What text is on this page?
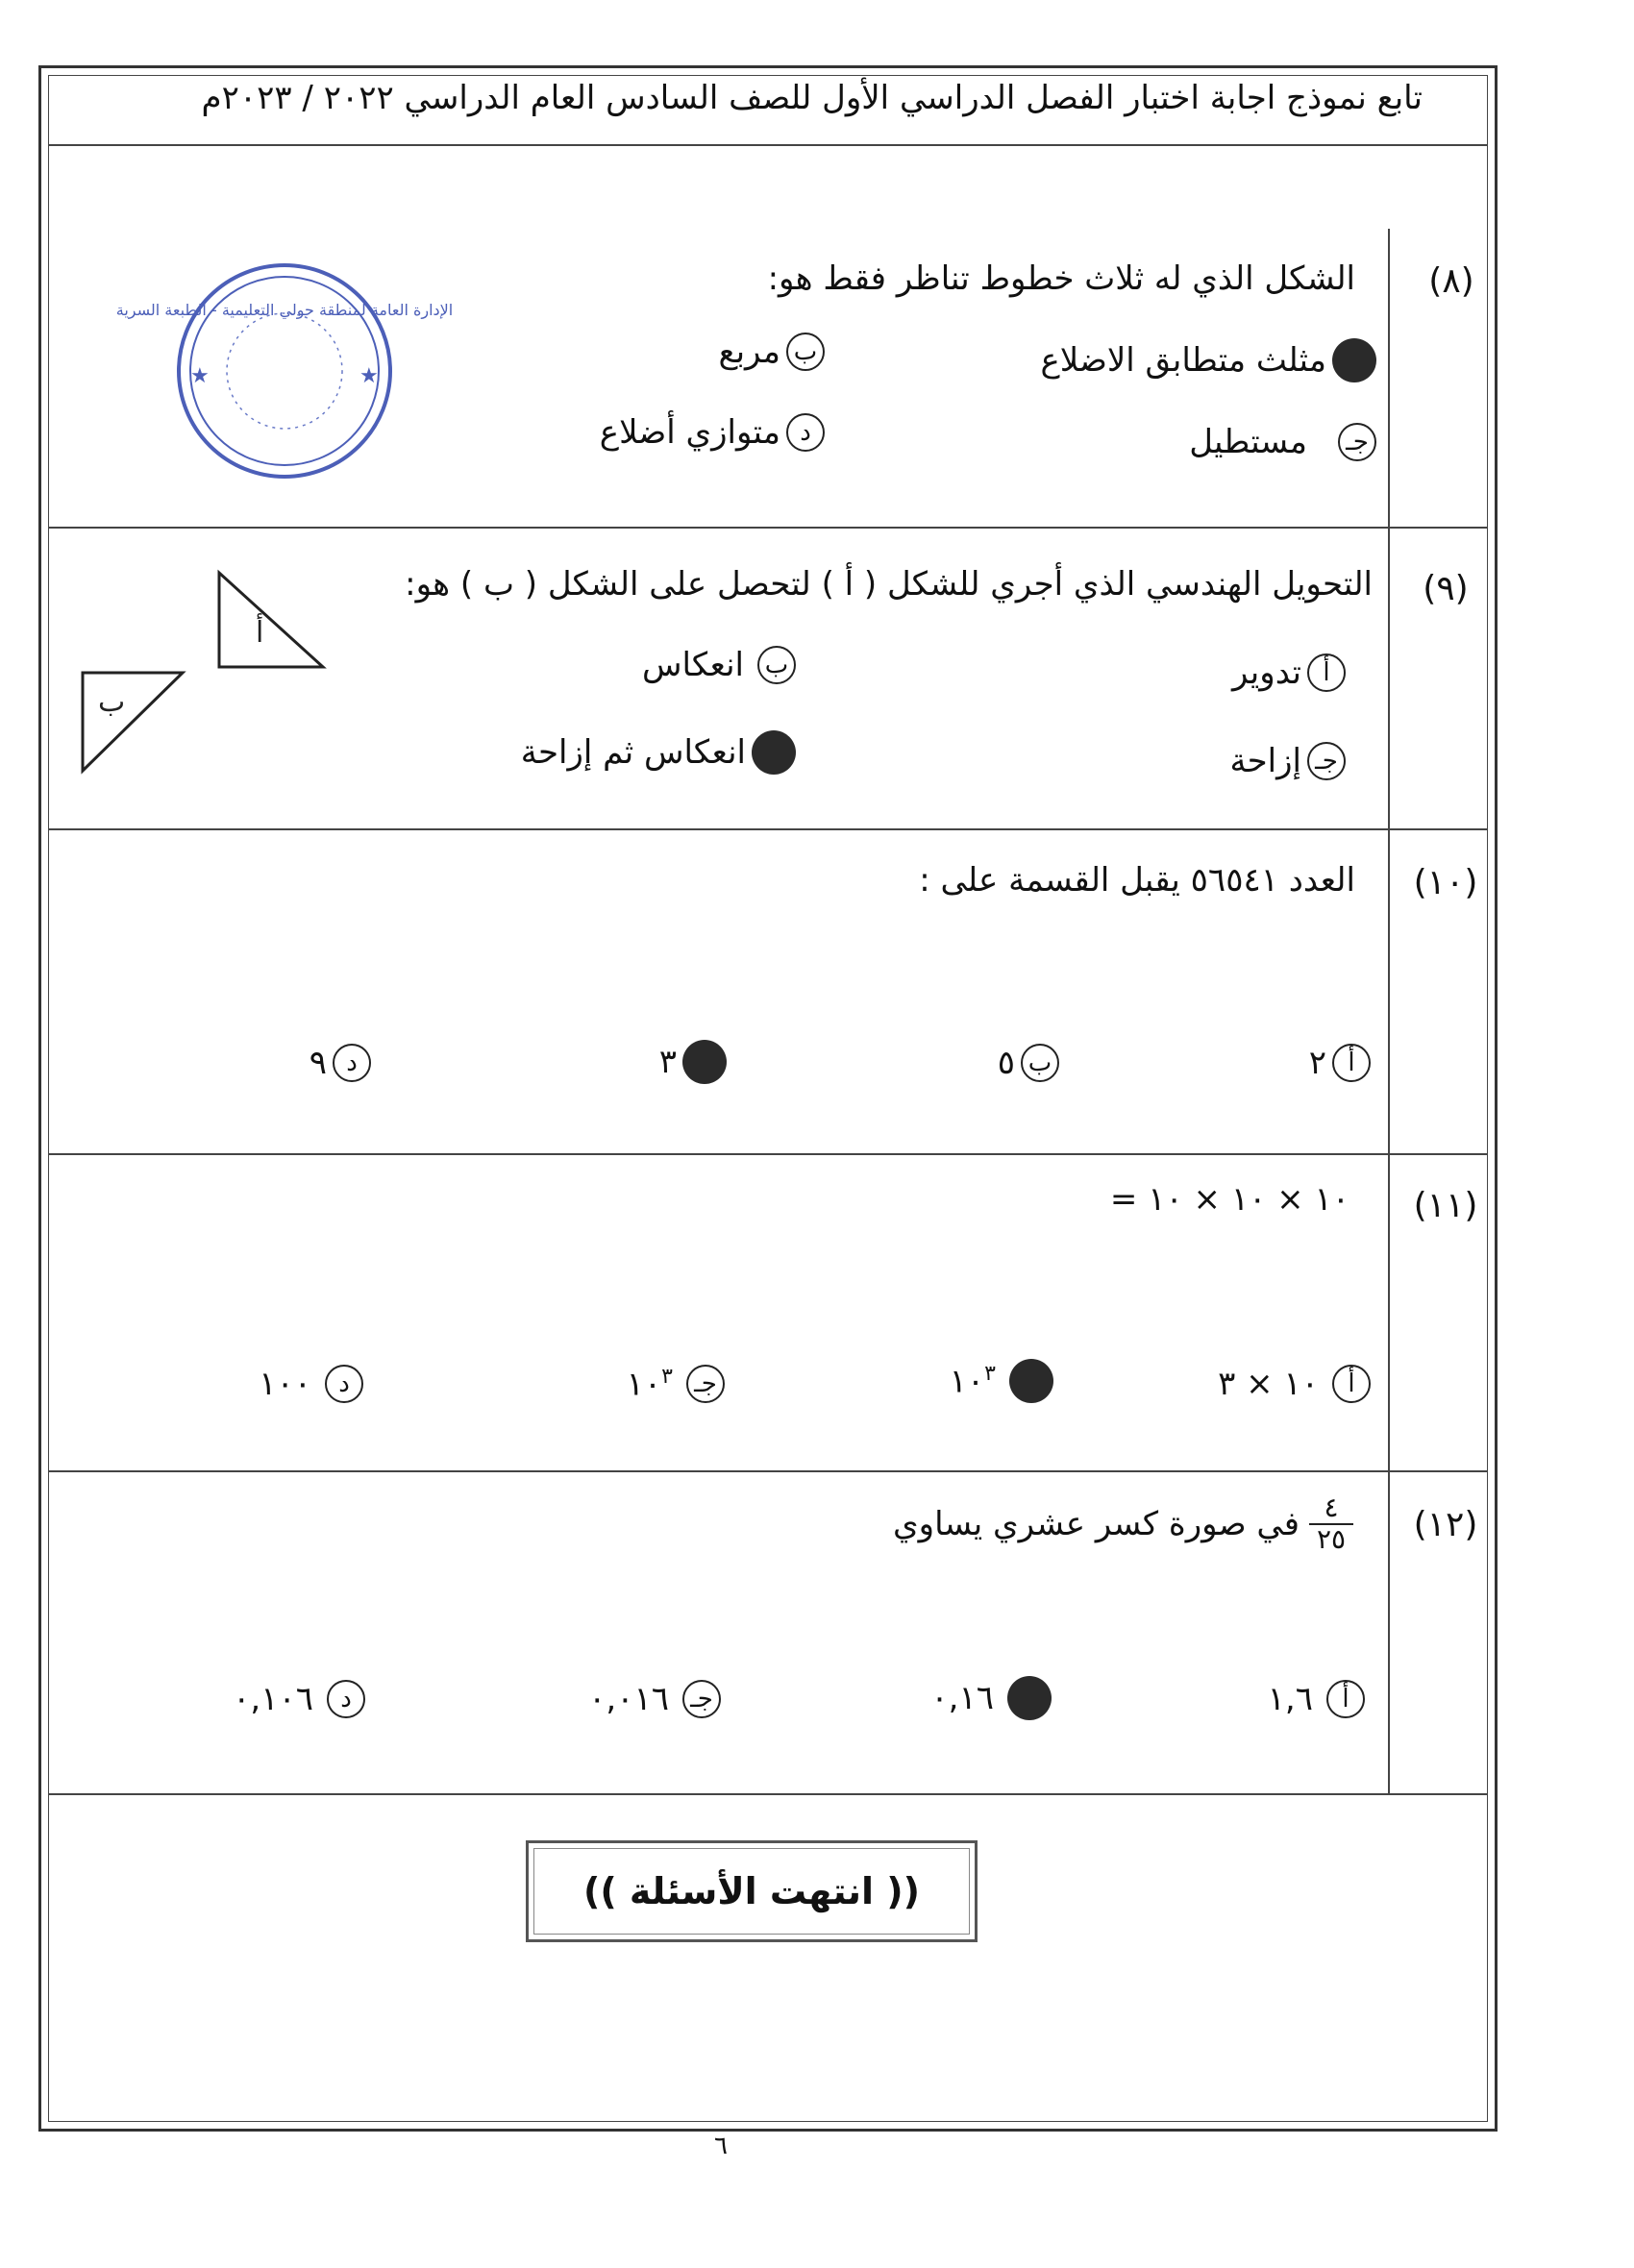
تابع نموذج اجابة اختبار الفصل الدراسي الأول للصف السادس العام الدراسي ٢٠٢٢ / ٢٠٢٣م
★	★
الإدارة العامة لمنطقة حولي التعليمية - الطبعة السرية
(٨)
الشكل الذي له ثلاث خطوط تناظر فقط هو:
مثلث متطابق الاضلاع
ب
مربع
جـ
مستطيل
د
متوازي أضلاع
(٩)
التحويل الهندسي الذي أجري للشكل ( أ ) لتحصل على الشكل ( ب ) هو:
أ
ب
أ
تدوير
ب
انعكاس
جـ
إزاحة
انعكاس ثم إزاحة
(١٠)
العدد ٥٦٥٤١ يقبل القسمة على :
أ
٢
ب
٥
٣
د
٩
(١١)
١٠ × ١٠ × ١٠ =
أ
١٠ × ٣
$١٠^٣$
جـ
$١٠^٣$
د
١٠٠
(١٢)
٤
٢٥
في صورة كسر عشري يساوي
أ
١,٦
٠,١٦
جـ
٠,٠١٦
د
٠,١٠٦
(( انتهت الأسئلة ))
٦
